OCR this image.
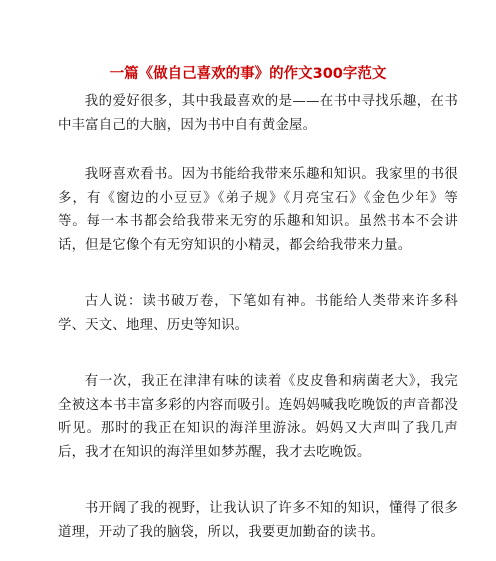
一篇《做自己喜欢的事》的作文300字范文

我的爱好很多，其中我最喜欢的是——在书中寻找乐趣，在书中丰富自己的大脑，因为书中自有黄金屋。

我呀喜欢看书。因为书能给我带来乐趣和知识。我家里的书很多，有《窗边的小豆豆》《弟子规》《月亮宝石》《金色少年》等等。每一本书都会给我带来无穷的乐趣和知识。虽然书本不会讲话，但是它像个有无穷知识的小精灵，都会给我带来力量。

古人说：读书破万卷，下笔如有神。书能给人类带来许多科学、天文、地理、历史等知识。

有一次，我正在津津有味的读着《皮皮鲁和病菌老大》，我完全被这本书丰富多彩的内容而吸引。连妈妈喊我吃晚饭的声音都没听见。那时的我正在知识的海洋里游泳。妈妈又大声叫了我几声后，我才在知识的海洋里如梦苏醒，我才去吃晚饭。

书开阔了我的视野，让我认识了许多不知的知识，懂得了很多道理，开动了我的脑袋，所以，我要更加勤奋的读书。
